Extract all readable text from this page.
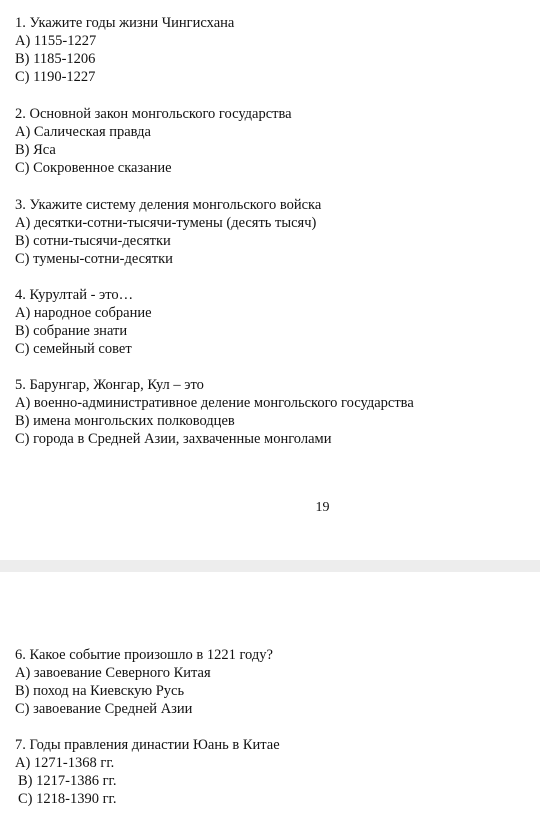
1. Укажите годы жизни Чингисхана
A) 1155-1227
B) 1185-1206
C) 1190-1227
2. Основной закон монгольского государства
A) Салическая правда
B) Яса
C) Сокровенное сказание
3. Укажите систему деления монгольского войска
A) десятки-сотни-тысячи-тумены (десять тысяч)
B) сотни-тысячи-десятки
C) тумены-сотни-десятки
4. Курултай - это…
A) народное собрание
B) собрание знати
C) семейный совет
5. Барунгар, Жонгар, Кул – это
A) военно-административное деление монгольского государства
B) имена монгольских полководцев
C) города в Средней Азии, захваченные монголами
19
6. Какое событие произошло в 1221 году?
A) завоевание Северного Китая
B) поход на Киевскую Русь
C) завоевание Средней Азии
7. Годы правления династии Юань в Китае
A) 1271-1368 гг.
B) 1217-1386 гг.
C) 1218-1390 гг.
